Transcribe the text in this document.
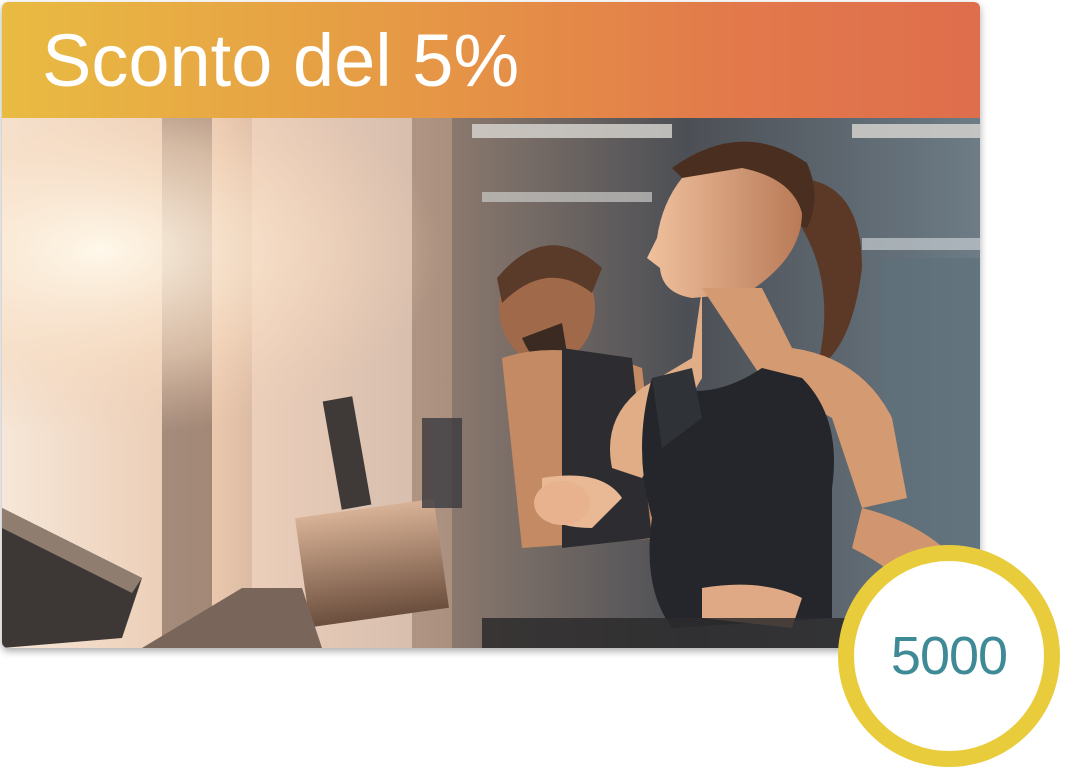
Sconto del 5%
5000
